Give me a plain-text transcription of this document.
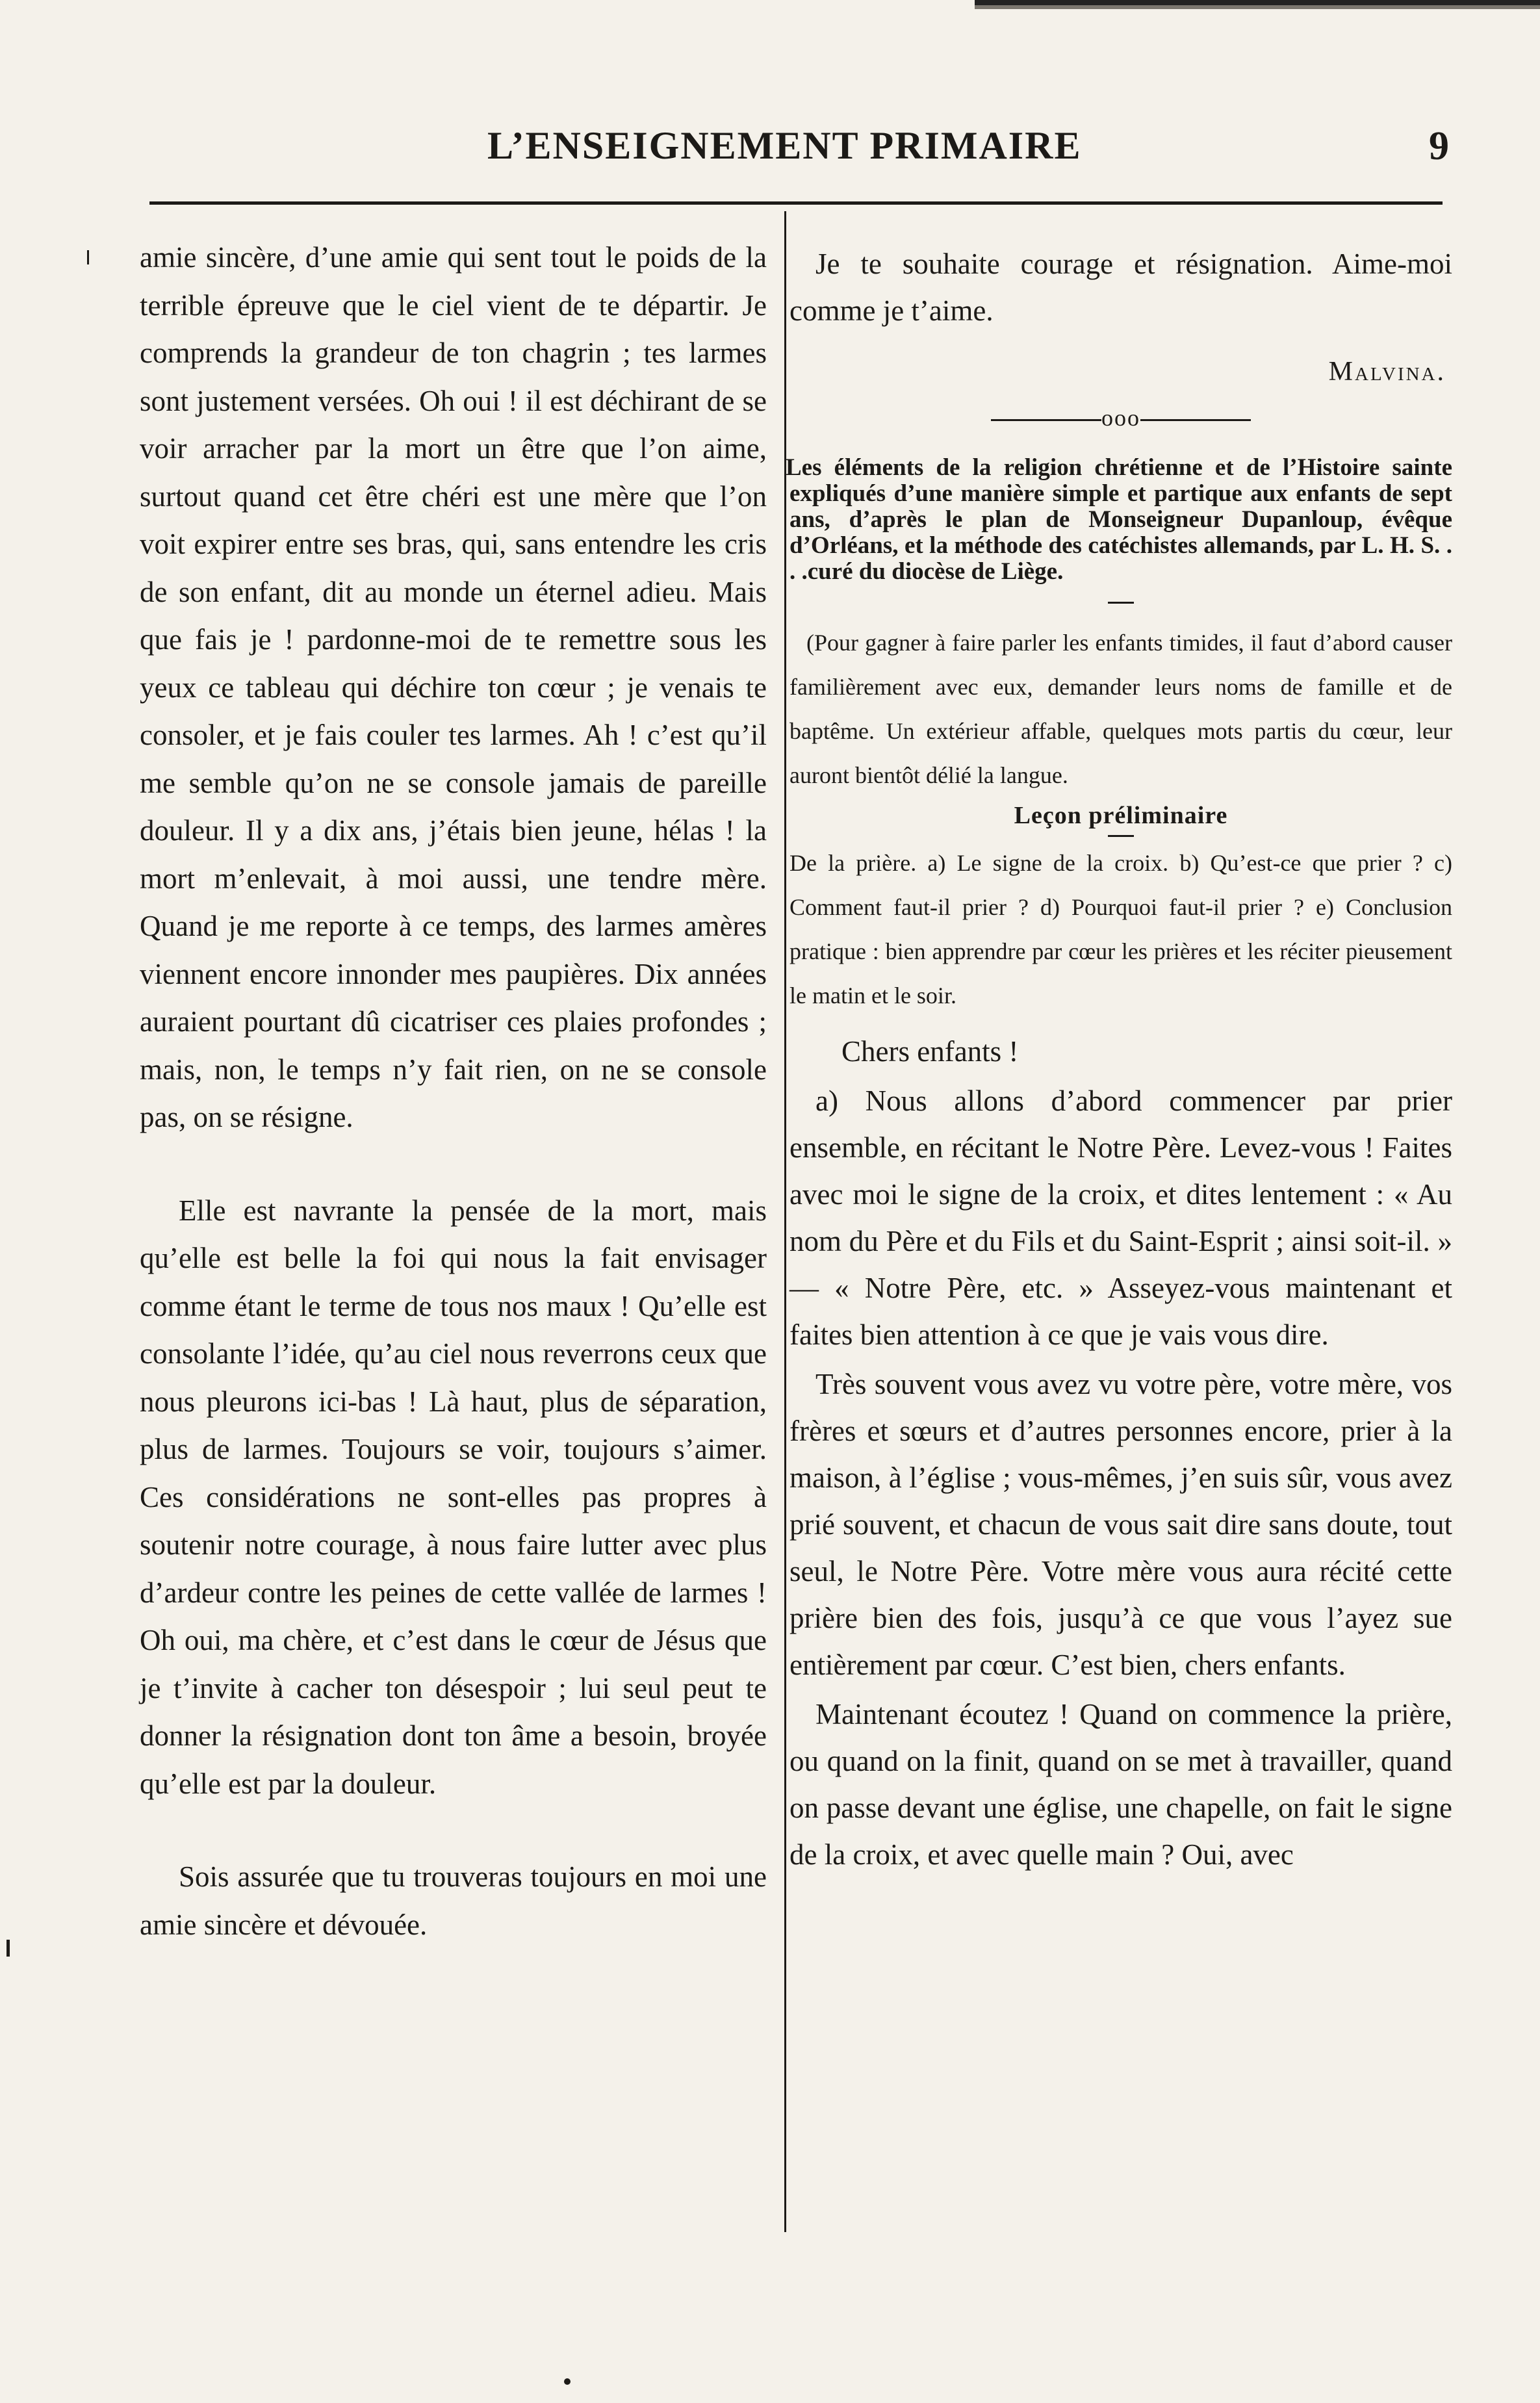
L’ENSEIGNEMENT PRIMAIRE	9

amie sincère, d’une amie qui sent tout le poids de la terrible épreuve que le ciel vient de te départir. Je comprends la grandeur de ton chagrin ; tes larmes sont justement versées. Oh oui ! il est déchirant de se voir arracher par la mort un être que l’on aime, surtout quand cet être chéri est une mère que l’on voit expirer entre ses bras, qui, sans entendre les cris de son enfant, dit au monde un éternel adieu. Mais que fais je ! pardonne-moi de te remettre sous les yeux ce tableau qui déchire ton cœur ; je venais te consoler, et je fais couler tes larmes. Ah ! c’est qu’il me semble qu’on ne se console jamais de pareille douleur. Il y a dix ans, j’étais bien jeune, hélas ! la mort m’enlevait, à moi aussi, une tendre mère. Quand je me reporte à ce temps, des larmes amères viennent encore innonder mes paupières. Dix années auraient pourtant dû cicatriser ces plaies profondes ; mais, non, le temps n’y fait rien, on ne se console pas, on se résigne.

Elle est navrante la pensée de la mort, mais qu’elle est belle la foi qui nous la fait envisager comme étant le terme de tous nos maux ! Qu’elle est consolante l’idée, qu’au ciel nous reverrons ceux que nous pleurons ici-bas ! Là haut, plus de séparation, plus de larmes. Toujours se voir, toujours s’aimer. Ces considérations ne sont-elles pas propres à soutenir notre courage, à nous faire lutter avec plus d’ardeur contre les peines de cette vallée de larmes ! Oh oui, ma chère, et c’est dans le cœur de Jésus que je t’invite à cacher ton désespoir ; lui seul peut te donner la résignation dont ton âme a besoin, broyée qu’elle est par la douleur.

Sois assurée que tu trouveras toujours en moi une amie sincère et dévouée.

Je te souhaite courage et résignation. Aime-moi comme je t’aime.

Malvina.

ooo

Les éléments de la religion chrétienne et de l’Histoire sainte expliqués d’une manière simple et partique aux enfants de sept ans, d’après le plan de Monseigneur Dupanloup, évêque d’Orléans, et la méthode des catéchistes allemands, par L. H. S. . . .curé du diocèse de Liège.

(Pour gagner à faire parler les enfants timides, il faut d’abord causer familièrement avec eux, demander leurs noms de famille et de baptême. Un extérieur affable, quelques mots partis du cœur, leur auront bientôt délié la langue.

Leçon préliminaire

De la prière. a) Le signe de la croix. b) Qu’est-ce que prier ? c) Comment faut-il prier ? d) Pourquoi faut-il prier ? e) Conclusion pratique : bien apprendre par cœur les prières et les réciter pieusement le matin et le soir.

Chers enfants !

a) Nous allons d’abord commencer par prier ensemble, en récitant le Notre Père. Levez-vous ! Faites avec moi le signe de la croix, et dites lentement : « Au nom du Père et du Fils et du Saint-Esprit ; ainsi soit-il. » — « Notre Père, etc. » Asseyez-vous maintenant et faites bien attention à ce que je vais vous dire.

Très souvent vous avez vu votre père, votre mère, vos frères et sœurs et d’autres personnes encore, prier à la maison, à l’église ; vous-mêmes, j’en suis sûr, vous avez prié souvent, et chacun de vous sait dire sans doute, tout seul, le Notre Père. Votre mère vous aura récité cette prière bien des fois, jusqu’à ce que vous l’ayez sue entièrement par cœur. C’est bien, chers enfants.

Maintenant écoutez ! Quand on commence la prière, ou quand on la finit, quand on se met à travailler, quand on passe devant une église, une chapelle, on fait le signe de la croix, et avec quelle main ? Oui, avec
